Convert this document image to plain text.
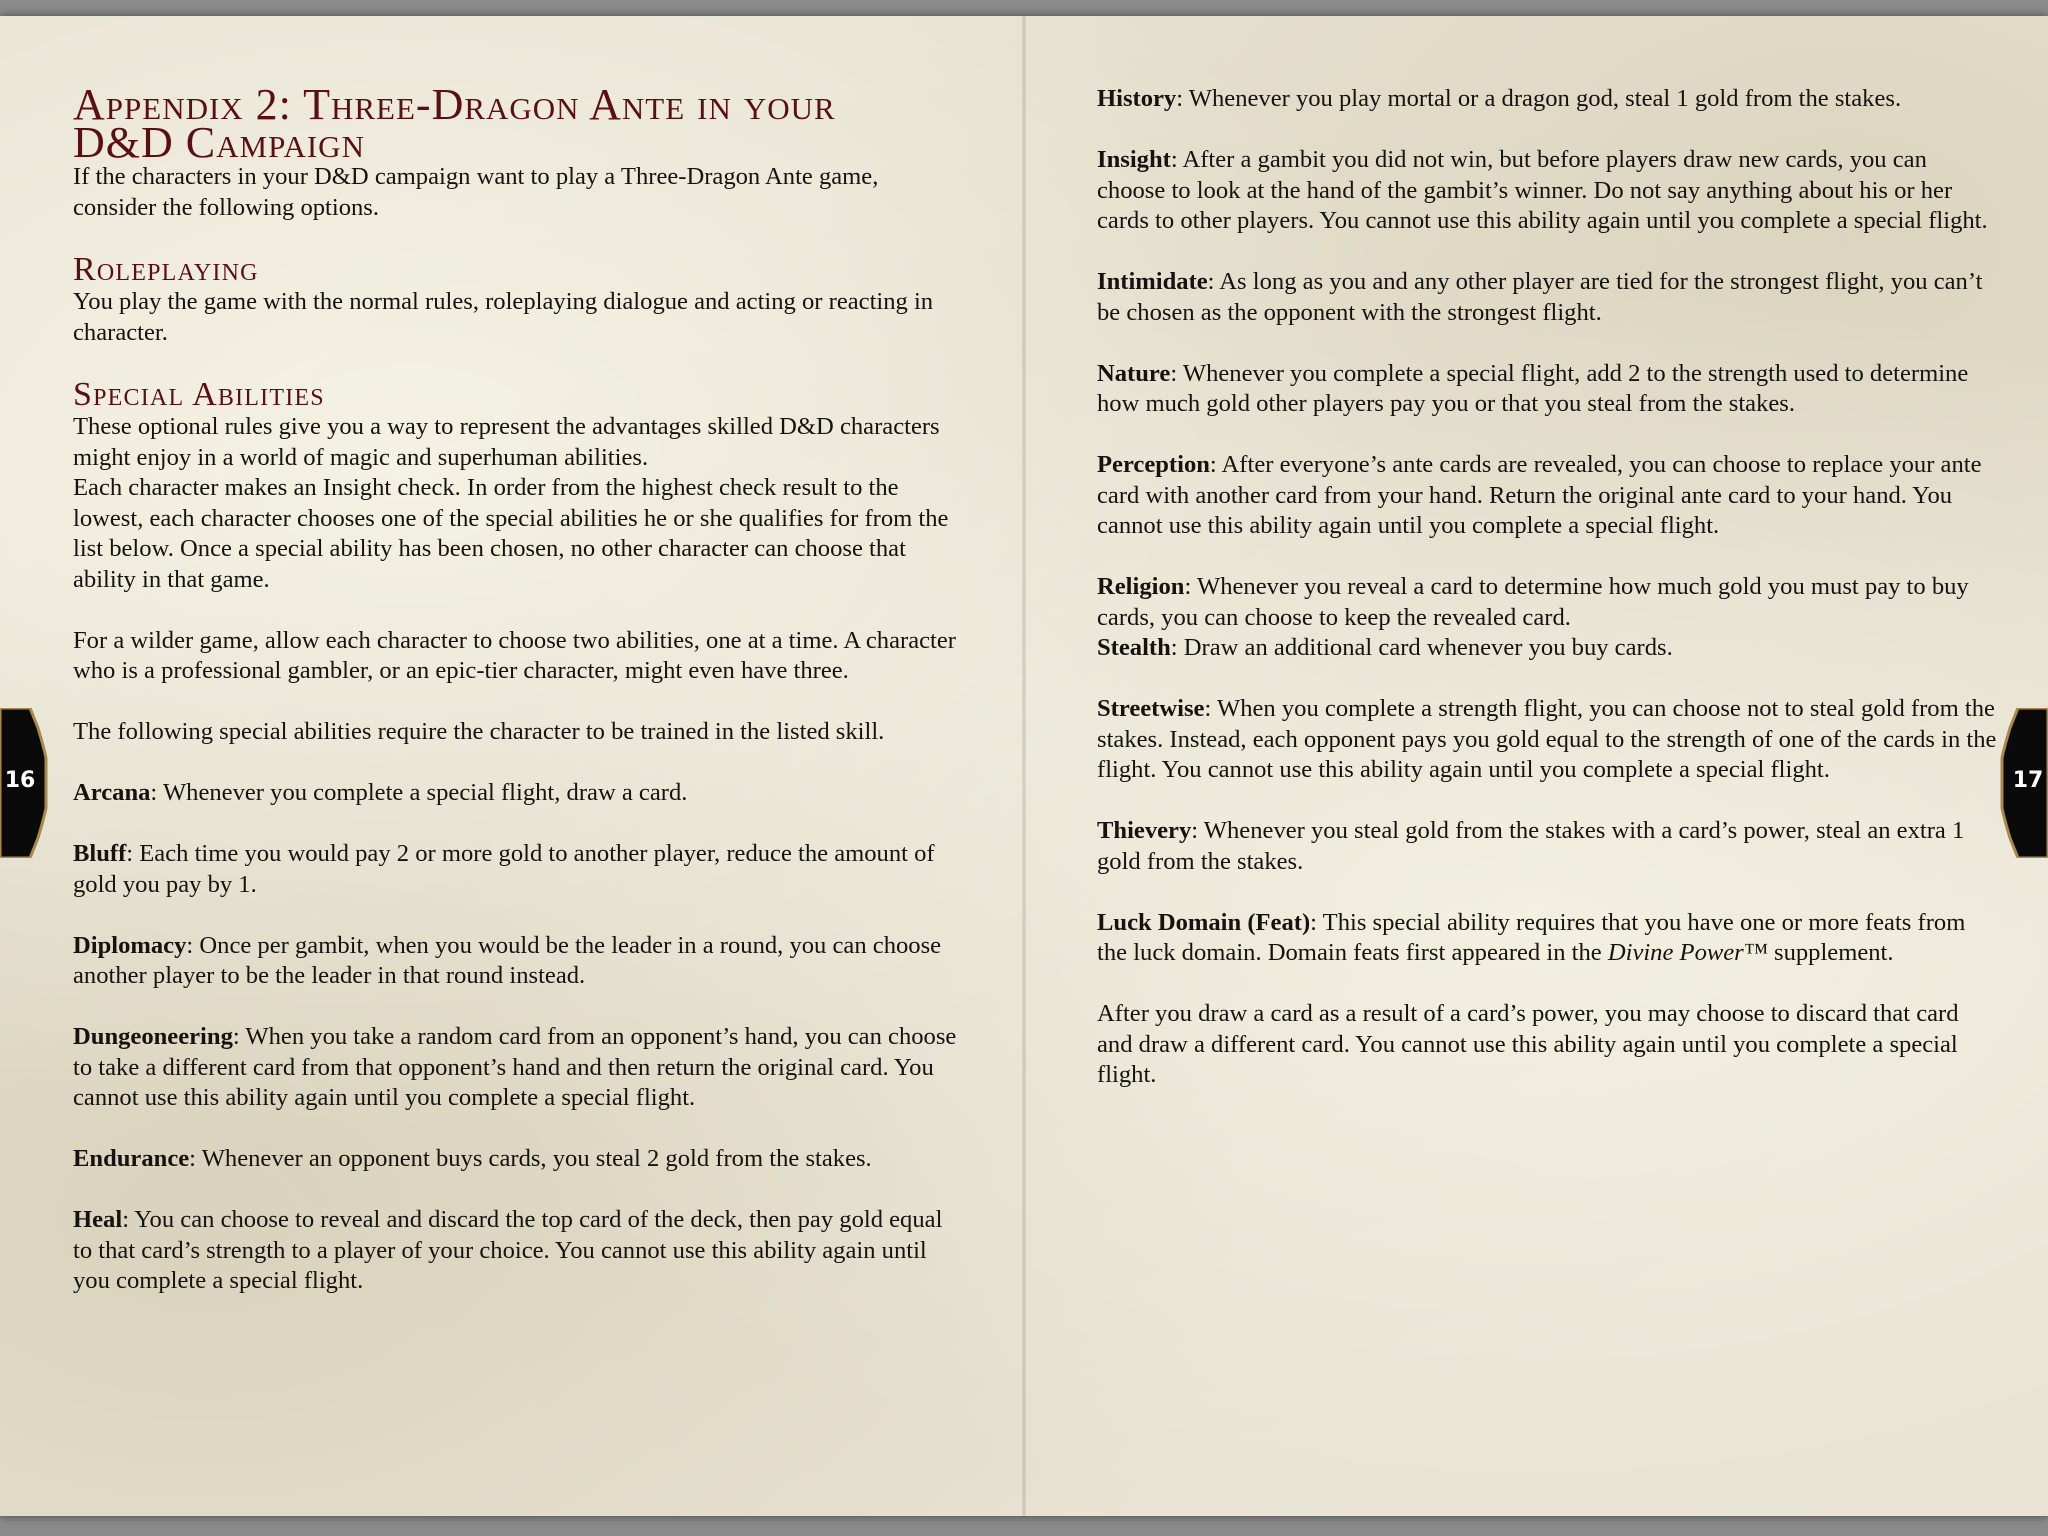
Appendix 2: Three-Dragon Ante in your
D&D Campaign

If the characters in your D&D campaign want to play a Three-Dragon Ante game, consider the following options.

Roleplaying

You play the game with the normal rules, roleplaying dialogue and acting or reacting in character.

Special Abilities

These optional rules give you a way to represent the advantages skilled D&D characters might enjoy in a world of magic and superhuman abilities.

Each character makes an Insight check. In order from the highest check result to the lowest, each character chooses one of the special abilities he or she qualifies for from the list below. Once a special ability has been chosen, no other character can choose that ability in that game.

For a wilder game, allow each character to choose two abilities, one at a time. A character who is a professional gambler, or an epic-tier character, might even have three.

The following special abilities require the character to be trained in the listed skill.

Arcana: Whenever you complete a special flight, draw a card.

Bluff: Each time you would pay 2 or more gold to another player, reduce the amount of gold you pay by 1.

Diplomacy: Once per gambit, when you would be the leader in a round, you can choose another player to be the leader in that round instead.

Dungeoneering: When you take a random card from an opponent’s hand, you can choose to take a different card from that opponent’s hand and then return the original card. You cannot use this ability again until you complete a special flight.

Endurance: Whenever an opponent buys cards, you steal 2 gold from the stakes.

Heal: You can choose to reveal and discard the top card of the deck, then pay gold equal to that card’s strength to a player of your choice. You cannot use this ability again until you complete a special flight.

History: Whenever you play mortal or a dragon god, steal 1 gold from the stakes.

Insight: After a gambit you did not win, but before players draw new cards, you can choose to look at the hand of the gambit’s winner. Do not say anything about his or her cards to other players. You cannot use this ability again until you complete a special flight.

Intimidate: As long as you and any other player are tied for the strongest flight, you can’t be chosen as the opponent with the strongest flight.

Nature: Whenever you complete a special flight, add 2 to the strength used to determine how much gold other players pay you or that you steal from the stakes.

Perception: After everyone’s ante cards are revealed, you can choose to replace your ante card with another card from your hand. Return the original ante card to your hand. You cannot use this ability again until you complete a special flight.

Religion: Whenever you reveal a card to determine how much gold you must pay to buy cards, you can choose to keep the revealed card.

Stealth: Draw an additional card whenever you buy cards.

Streetwise: When you complete a strength flight, you can choose not to steal gold from the stakes. Instead, each opponent pays you gold equal to the strength of one of the cards in the flight. You cannot use this ability again until you complete a special flight.

Thievery: Whenever you steal gold from the stakes with a card’s power, steal an extra 1 gold from the stakes.

Luck Domain (Feat): This special ability requires that you have one or more feats from the luck domain. Domain feats first appeared in the Divine Power™ supplement.

After you draw a card as a result of a card’s power, you may choose to discard that card and draw a different card. You cannot use this ability again until you complete a special flight.

16	17
